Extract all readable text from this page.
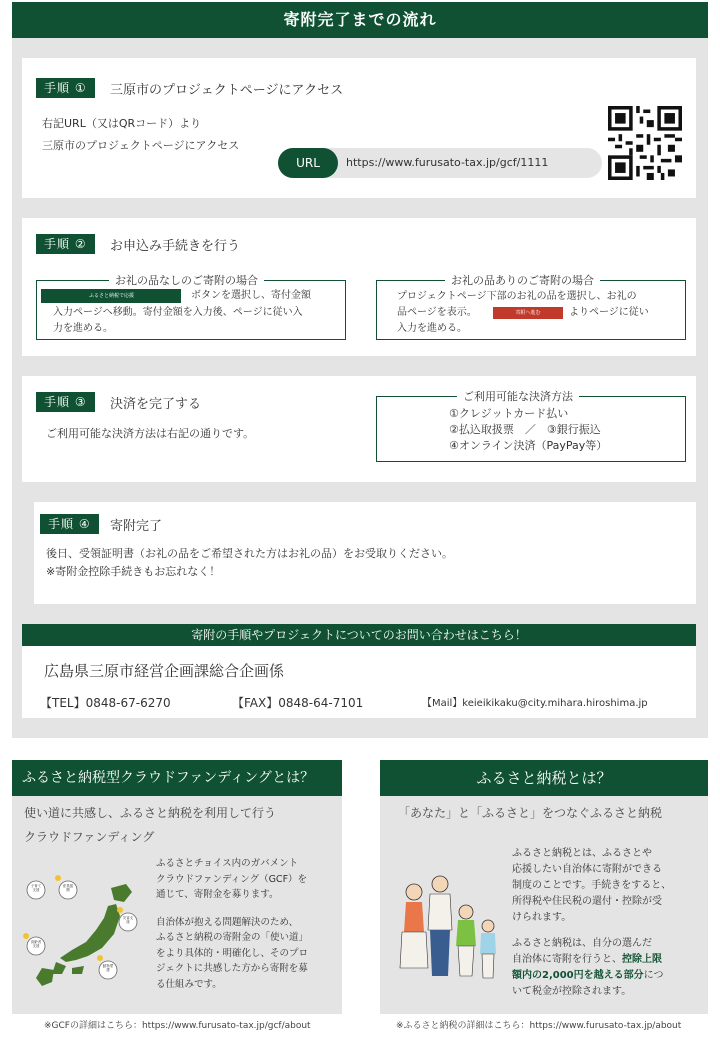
寄附完了までの流れ
手順 ①	三原市のプロジェクトページにアクセス
右記URL（又はQRコード）より
三原市のプロジェクトページにアクセス
URL	https://www.furusato-tax.jp/gcf/1111
手順 ②	お申込み手続きを行う
お礼の品なしのご寄附の場合
ふるさと納税で応援	ボタンを選択し、寄付金額
入力ページへ移動。寄付金額を入力後、ページに従い入
力を進める。
お礼の品ありのご寄附の場合
プロジェクトページ下部のお礼の品を選択し、お礼の
品ページを表示。	寄附へ進む	よりページに従い
入力を進める。
手順 ③	決済を完了する
ご利用可能な決済方法は右記の通りです。
ご利用可能な決済方法
①クレジットカード払い
②払込取扱票　／　③銀行振込
④オンライン決済（PayPay等）
手順 ④	寄附完了
後日、受領証明書（お礼の品をご希望された方はお礼の品）をお受取りください。
※寄附金控除手続きもお忘れなく！
寄附の手順やプロジェクトについてのお問い合わせはこちら！
広島県三原市経営企画課総合企画係
【TEL】0848-67-6270	【FAX】0848-64-7101	【Mail】keieikikaku@city.mihara.hiroshima.jp
ふるさと納税型クラウドファンディングとは？
使い道に共感し、ふるさと納税を利用して行う
クラウドファンディング
ふるさとチョイス内のガバメント
クラウドファンディング（GCF）を
通じて、寄附金を募ります。
自治体が抱える問題解決のため、
ふるさと納税の寄附金の「使い道」
をより具体的・明確化し、そのプロ
ジェクトに共感した方から寄附を募
る仕組みです。
子育て支援
高齢者支援
災害支援
産業振興
動物愛護
※GCFの詳細はこちら：https://www.furusato-tax.jp/gcf/about
ふるさと納税とは？
「あなた」と「ふるさと」をつなぐふるさと納税
ふるさと納税とは、ふるさとや
応援したい自治体に寄附ができる
制度のことです。手続きをすると、
所得税や住民税の還付・控除が受
けられます。
ふるさと納税は、自分の選んだ
自治体に寄附を行うと、控除上限
額内の2,000円を越える部分につ
いて税金が控除されます。
※ふるさと納税の詳細はこちら：https://www.furusato-tax.jp/about
